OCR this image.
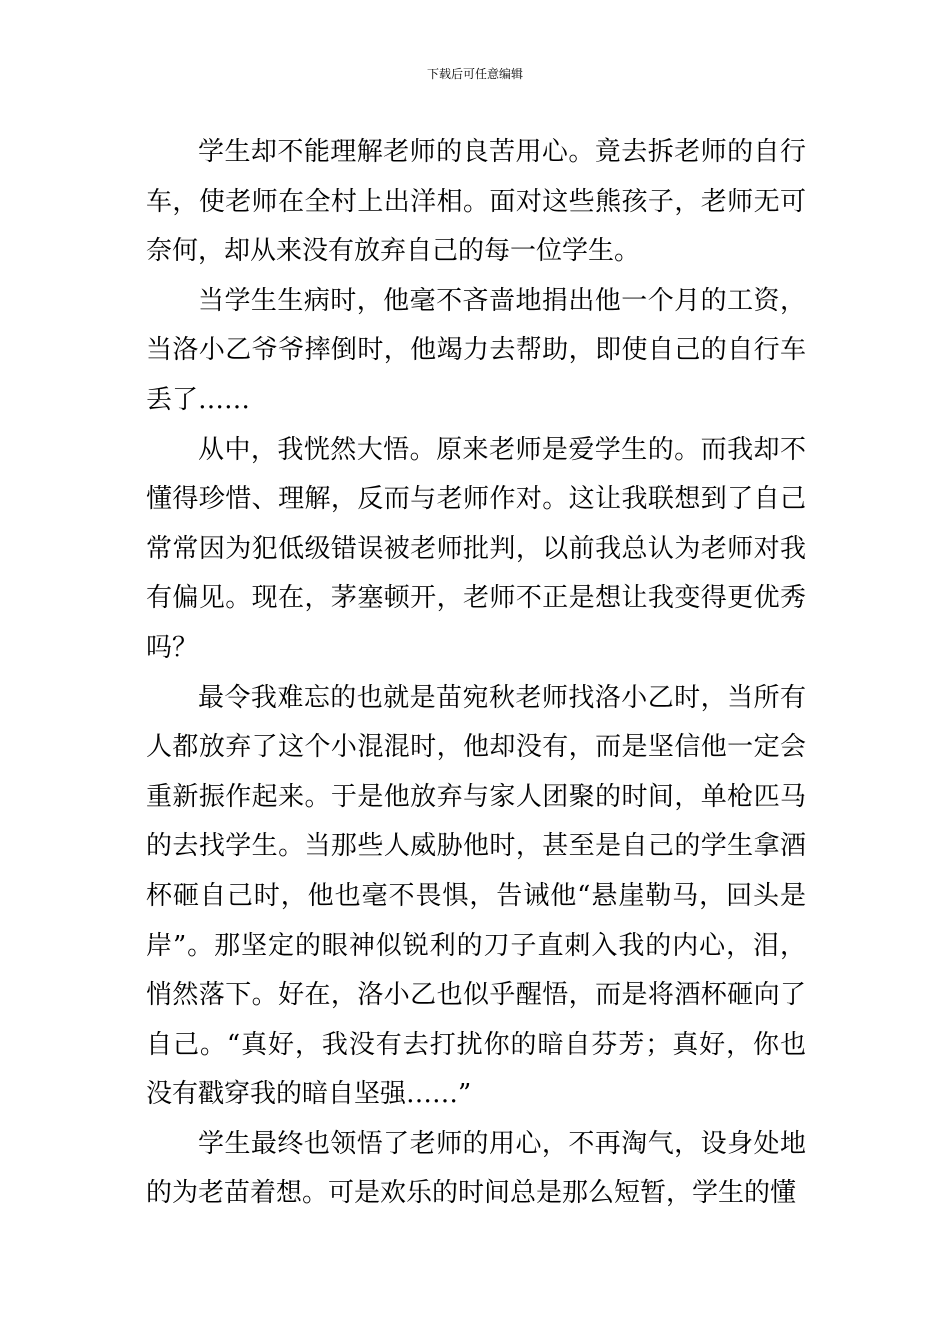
下载后可任意编辑

学生却不能理解老师的良苦用心。竟去拆老师的自行车，使老师在全村上出洋相。面对这些熊孩子，老师无可奈何，却从来没有放弃自己的每一位学生。

当学生生病时，他毫不吝啬地捐出他一个月的工资，当洛小乙爷爷摔倒时，他竭力去帮助，即使自己的自行车丢了……

从中，我恍然大悟。原来老师是爱学生的。而我却不懂得珍惜、理解，反而与老师作对。这让我联想到了自己常常因为犯低级错误被老师批判，以前我总认为老师对我有偏见。现在，茅塞顿开，老师不正是想让我变得更优秀吗？

最令我难忘的也就是苗宛秋老师找洛小乙时，当所有人都放弃了这个小混混时，他却没有，而是坚信他一定会重新振作起来。于是他放弃与家人团聚的时间，单枪匹马的去找学生。当那些人威胁他时，甚至是自己的学生拿酒杯砸自己时，他也毫不畏惧，告诫他“悬崖勒马，回头是岸”。那坚定的眼神似锐利的刀子直刺入我的内心，泪，悄然落下。好在，洛小乙也似乎醒悟，而是将酒杯砸向了自己。“真好，我没有去打扰你的暗自芬芳；真好，你也没有戳穿我的暗自坚强……”

学生最终也领悟了老师的用心，不再淘气，设身处地的为老苗着想。可是欢乐的时间总是那么短暂，学生的懂
